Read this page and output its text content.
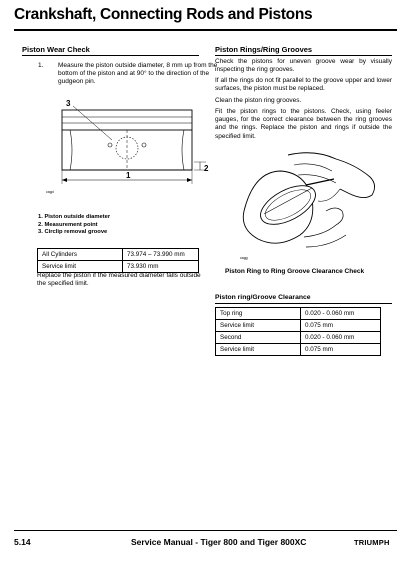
Crankshaft, Connecting Rods and Pistons
Piston Wear Check
1. Measure the piston outside diameter, 8 mm up from the bottom of the piston and at 90° to the direction of the gudgeon pin.
3
1
2
cagd
1. Piston outside diameter
2. Measurement point
3. Circlip removal groove
All Cylinders	73.974 – 73.990 mm
Service limit	73.930 mm
Replace the piston if the measured diameter falls outside the specified limit.
Piston Rings/Ring Grooves
Check the pistons for uneven groove wear by visually inspecting the ring grooves.
If all the rings do not fit parallel to the groove upper and lower surfaces, the piston must be replaced.
Clean the piston ring grooves.
Fit the piston rings to the pistons. Check, using feeler gauges, for the correct clearance between the ring grooves and the rings. Replace the piston and rings if outside the specified limit.
cagg
Piston Ring to Ring Groove Clearance Check
Piston ring/Groove Clearance
Top ring	0.020 - 0.060 mm
Service limit	0.075 mm
Second	0.020 - 0.060 mm
Service limit	0.075 mm
5.14	Service Manual - Tiger 800 and Tiger 800XC	TRIUMPH
